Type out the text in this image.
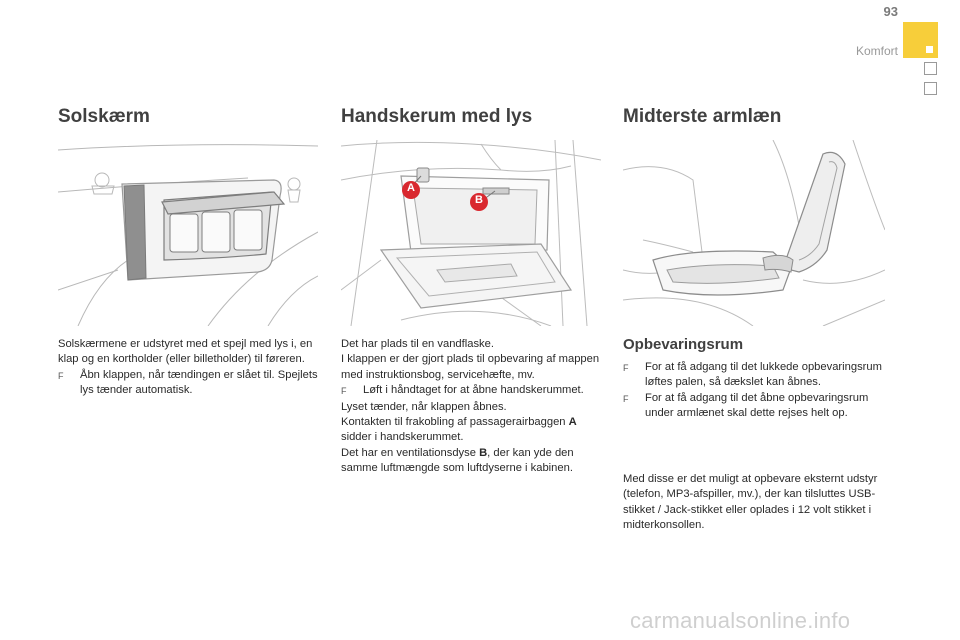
93
Komfort
Solskærm	Handskerum med lys	Midterste armlæn
A
B

Solskærmene er udstyret med et spejl med lys i, en klap og en kortholder (eller billetholder) til føreren.

F	Åbn klappen, når tændingen er slået til. Spejlets lys tænder automatisk.

Det har plads til en vandflaske.

I klappen er der gjort plads til opbevaring af mappen med instruktionsbog, servicehæfte, mv.

F	Løft i håndtaget for at åbne handskerummet.

Lyset tænder, når klappen åbnes.

Kontakten til frakobling af passagerairbaggen A sidder i handskerummet.

Det har en ventilationsdyse B, der kan yde den samme luftmængde som luftdyserne i kabinen.

Opbevaringsrum
F	For at få adgang til det lukkede opbevaringsrum løftes palen, så dækslet kan åbnes.
F	For at få adgang til det åbne opbevaringsrum under armlænet skal dette rejses helt op.

Med disse er det muligt at opbevare eksternt udstyr (telefon, MP3-afspiller, mv.), der kan tilsluttes USB-stikket / Jack-stikket eller oplades i 12 volt stikket i midterkonsollen.

carmanualsonline.info
